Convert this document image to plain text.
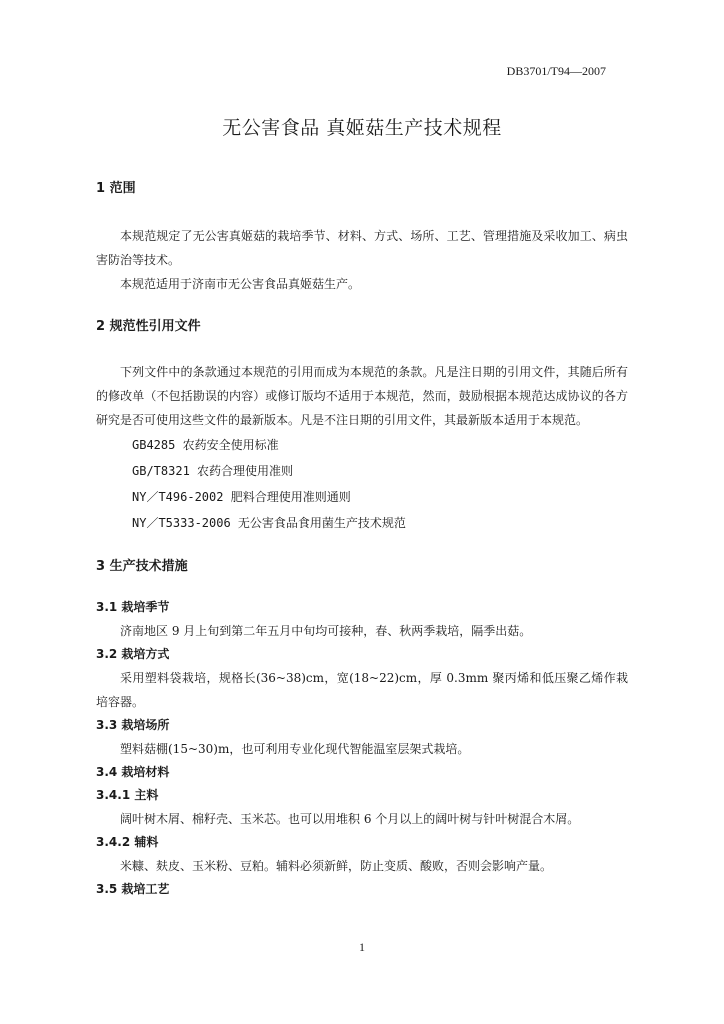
DB3701/T94—2007
无公害食品 真姬菇生产技术规程
1 范围

本规范规定了无公害真姬菇的栽培季节、材料、方式、场所、工艺、管理措施及采收加工、病虫害防治等技术。

本规范适用于济南市无公害食品真姬菇生产。

2 规范性引用文件

下列文件中的条款通过本规范的引用而成为本规范的条款。凡是注日期的引用文件，其随后所有的修改单（不包括勘误的内容）或修订版均不适用于本规范，然而，鼓励根据本规范达成协议的各方研究是否可使用这些文件的最新版本。凡是不注日期的引用文件，其最新版本适用于本规范。

GB4285 农药安全使用标准

GB/T8321 农药合理使用准则

NY／T496-2002 肥料合理使用准则通则

NY／T5333-2006 无公害食品食用菌生产技术规范

3 生产技术措施
3.1 栽培季节

济南地区 9 月上旬到第二年五月中旬均可接种，春、秋两季栽培，隔季出菇。

3.2 栽培方式

采用塑料袋栽培，规格长(36~38)cm，宽(18~22)cm，厚 0.3mm 聚丙烯和低压聚乙烯作栽培容器。

3.3 栽培场所

塑料菇棚(15~30)m，也可利用专业化现代智能温室层架式栽培。

3.4 栽培材料
3.4.1 主料

阔叶树木屑、棉籽壳、玉米芯。也可以用堆积 6 个月以上的阔叶树与针叶树混合木屑。

3.4.2 辅料

米糠、麸皮、玉米粉、豆粕。辅料必须新鲜，防止变质、酸败，否则会影响产量。

3.5 栽培工艺
1
